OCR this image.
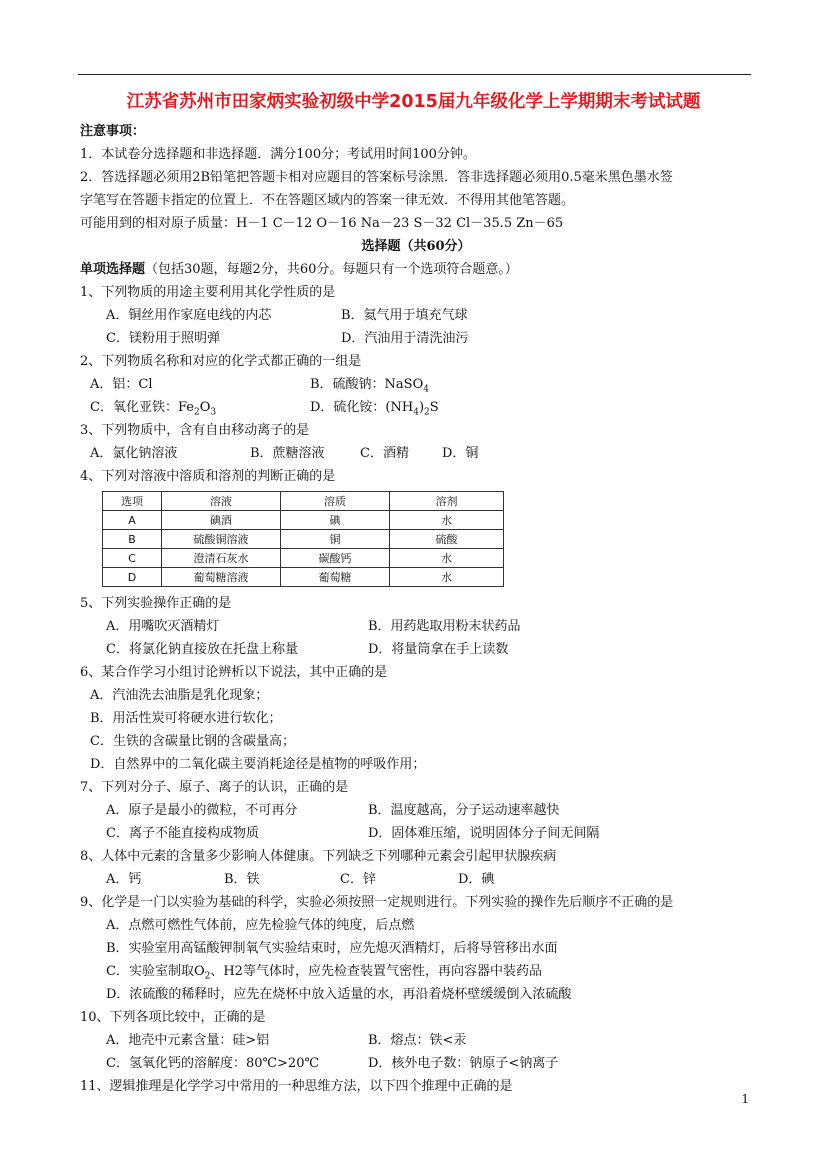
江苏省苏州市田家炳实验初级中学2015届九年级化学上学期期末考试试题
注意事项：
1．本试卷分选择题和非选择题．满分100分；考试用时间100分钟。
2．答选择题必须用2B铅笔把答题卡相对应题目的答案标号涂黑．答非选择题必须用0.5毫米黑色墨水签
字笔写在答题卡指定的位置上．不在答题区域内的答案一律无效．不得用其他笔答题。
可能用到的相对原子质量：H－1 C－12 O－16 Na－23 S－32 Cl－35.5 Zn－65
选择题（共60分）
单项选择题（包括30题，每题2分，共60分。每题只有一个选项符合题意。）
1、下列物质的用途主要利用其化学性质的是
A．铜丝用作家庭电线的内芯	B．氦气用于填充气球
C．镁粉用于照明弹	D．汽油用于清洗油污
2、下列物质名称和对应的化学式都正确的一组是
A．铝：Cl	B．硫酸钠：NaSO$_4$
C．氧化亚铁：$Fe_2O_3$	D．硫化铵：$(NH_4)_2S$
3、下列物质中，含有自由移动离子的是
A．氯化钠溶液	B．蔗糖溶液	C．酒精	D．铜
4、下列对溶液中溶质和溶剂的判断正确的是
选项	溶液	溶质	溶剂
A	碘酒	碘	水
B	硫酸铜溶液	铜	硫酸
C	澄清石灰水	碳酸钙	水
D	葡萄糖溶液	葡萄糖	水
5、下列实验操作正确的是
A．用嘴吹灭酒精灯	B．用药匙取用粉末状药品
C．将氯化钠直接放在托盘上称量	D．将量筒拿在手上读数
6、某合作学习小组讨论辨析以下说法，其中正确的是
A．汽油洗去油脂是乳化现象；
B．用活性炭可将硬水进行软化；
C．生铁的含碳量比钢的含碳量高；
D．自然界中的二氧化碳主要消耗途径是植物的呼吸作用；
7、下列对分子、原子、离子的认识，正确的是
A．原子是最小的微粒，不可再分	B．温度越高，分子运动速率越快
C．离子不能直接构成物质	D．固体难压缩，说明固体分子间无间隔
8、人体中元素的含量多少影响人体健康。下列缺乏下列哪种元素会引起甲状腺疾病
A．钙	B．铁	C．锌	D．碘
9、化学是一门以实验为基础的科学，实验必须按照一定规则进行。下列实验的操作先后顺序不正确的是
A．点燃可燃性气体前，应先检验气体的纯度，后点燃
B．实验室用高锰酸钾制氧气实验结束时，应先熄灭酒精灯，后将导管移出水面
C．实验室制取$O_2$、H2等气体时，应先检查装置气密性，再向容器中装药品
D．浓硫酸的稀释时，应先在烧杯中放入适量的水，再沿着烧杯壁缓缓倒入浓硫酸
10、下列各项比较中，正确的是
A．地壳中元素含量：硅>铝	B．熔点：铁<汞
C．氢氧化钙的溶解度：80℃>20℃	D．核外电子数：钠原子<钠离子
11、逻辑推理是化学学习中常用的一种思维方法，以下四个推理中正确的是
1
